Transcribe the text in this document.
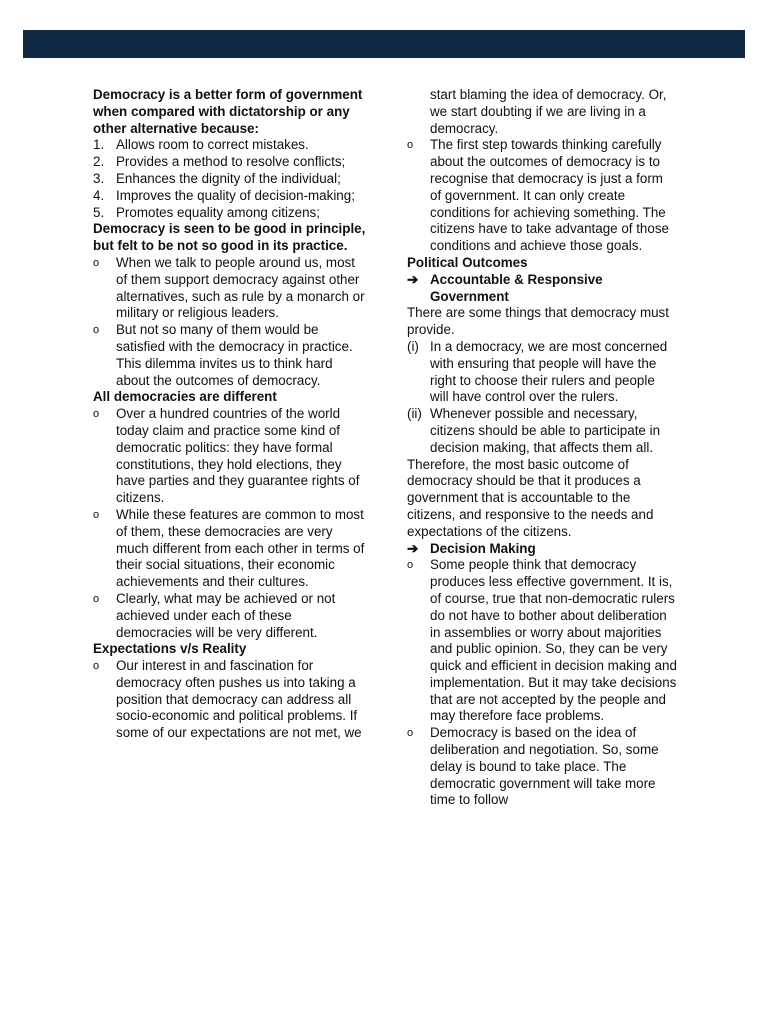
Democracy is a better form of government when compared with dictatorship or any other alternative because:

1. Allows room to correct mistakes.
2. Provides a method to resolve conflicts;
3. Enhances the dignity of the individual;
4. Improves the quality of decision-making;
5. Promotes equality among citizens;

Democracy is seen to be good in principle, but felt to be not so good in its practice.

o	When we talk to people around us, most of them support democracy against other alternatives, such as rule by a monarch or military or religious leaders.
o	But not so many of them would be satisfied with the democracy in practice. This dilemma invites us to think hard about the outcomes of democracy.

All democracies are different

o	Over a hundred countries of the world today claim and practice some kind of democratic politics: they have formal constitutions, they hold elections, they have parties and they guarantee rights of citizens.
o	While these features are common to most of them, these democracies are very much different from each other in terms of their social situations, their economic achievements and their cultures.
o	Clearly, what may be achieved or not achieved under each of these democracies will be very different.

Expectations v/s Reality

o	Our interest in and fascination for democracy often pushes us into taking a position that democracy can address all socio-economic and political problems. If some of our expectations are not met, we

start blaming the idea of democracy. Or, we start doubting if we are living in a democracy.

o	The first step towards thinking carefully about the outcomes of democracy is to recognise that democracy is just a form of government. It can only create conditions for achieving something. The citizens have to take advantage of those conditions and achieve those goals.

Political Outcomes

➔ Accountable & Responsive Government

There are some things that democracy must provide.

(i) In a democracy, we are most concerned with ensuring that people will have the right to choose their rulers and people will have control over the rulers.
(ii) Whenever possible and necessary, citizens should be able to participate in decision making, that affects them all.

Therefore, the most basic outcome of democracy should be that it produces a government that is accountable to the citizens, and responsive to the needs and expectations of the citizens.

➔ Decision Making
o	Some people think that democracy produces less effective government. It is, of course, true that non-democratic rulers do not have to bother about deliberation in assemblies or worry about majorities and public opinion. So, they can be very quick and efficient in decision making and implementation. But it may take decisions that are not accepted by the people and may therefore face problems.
o	Democracy is based on the idea of deliberation and negotiation. So, some delay is bound to take place. The democratic government will take more time to follow
